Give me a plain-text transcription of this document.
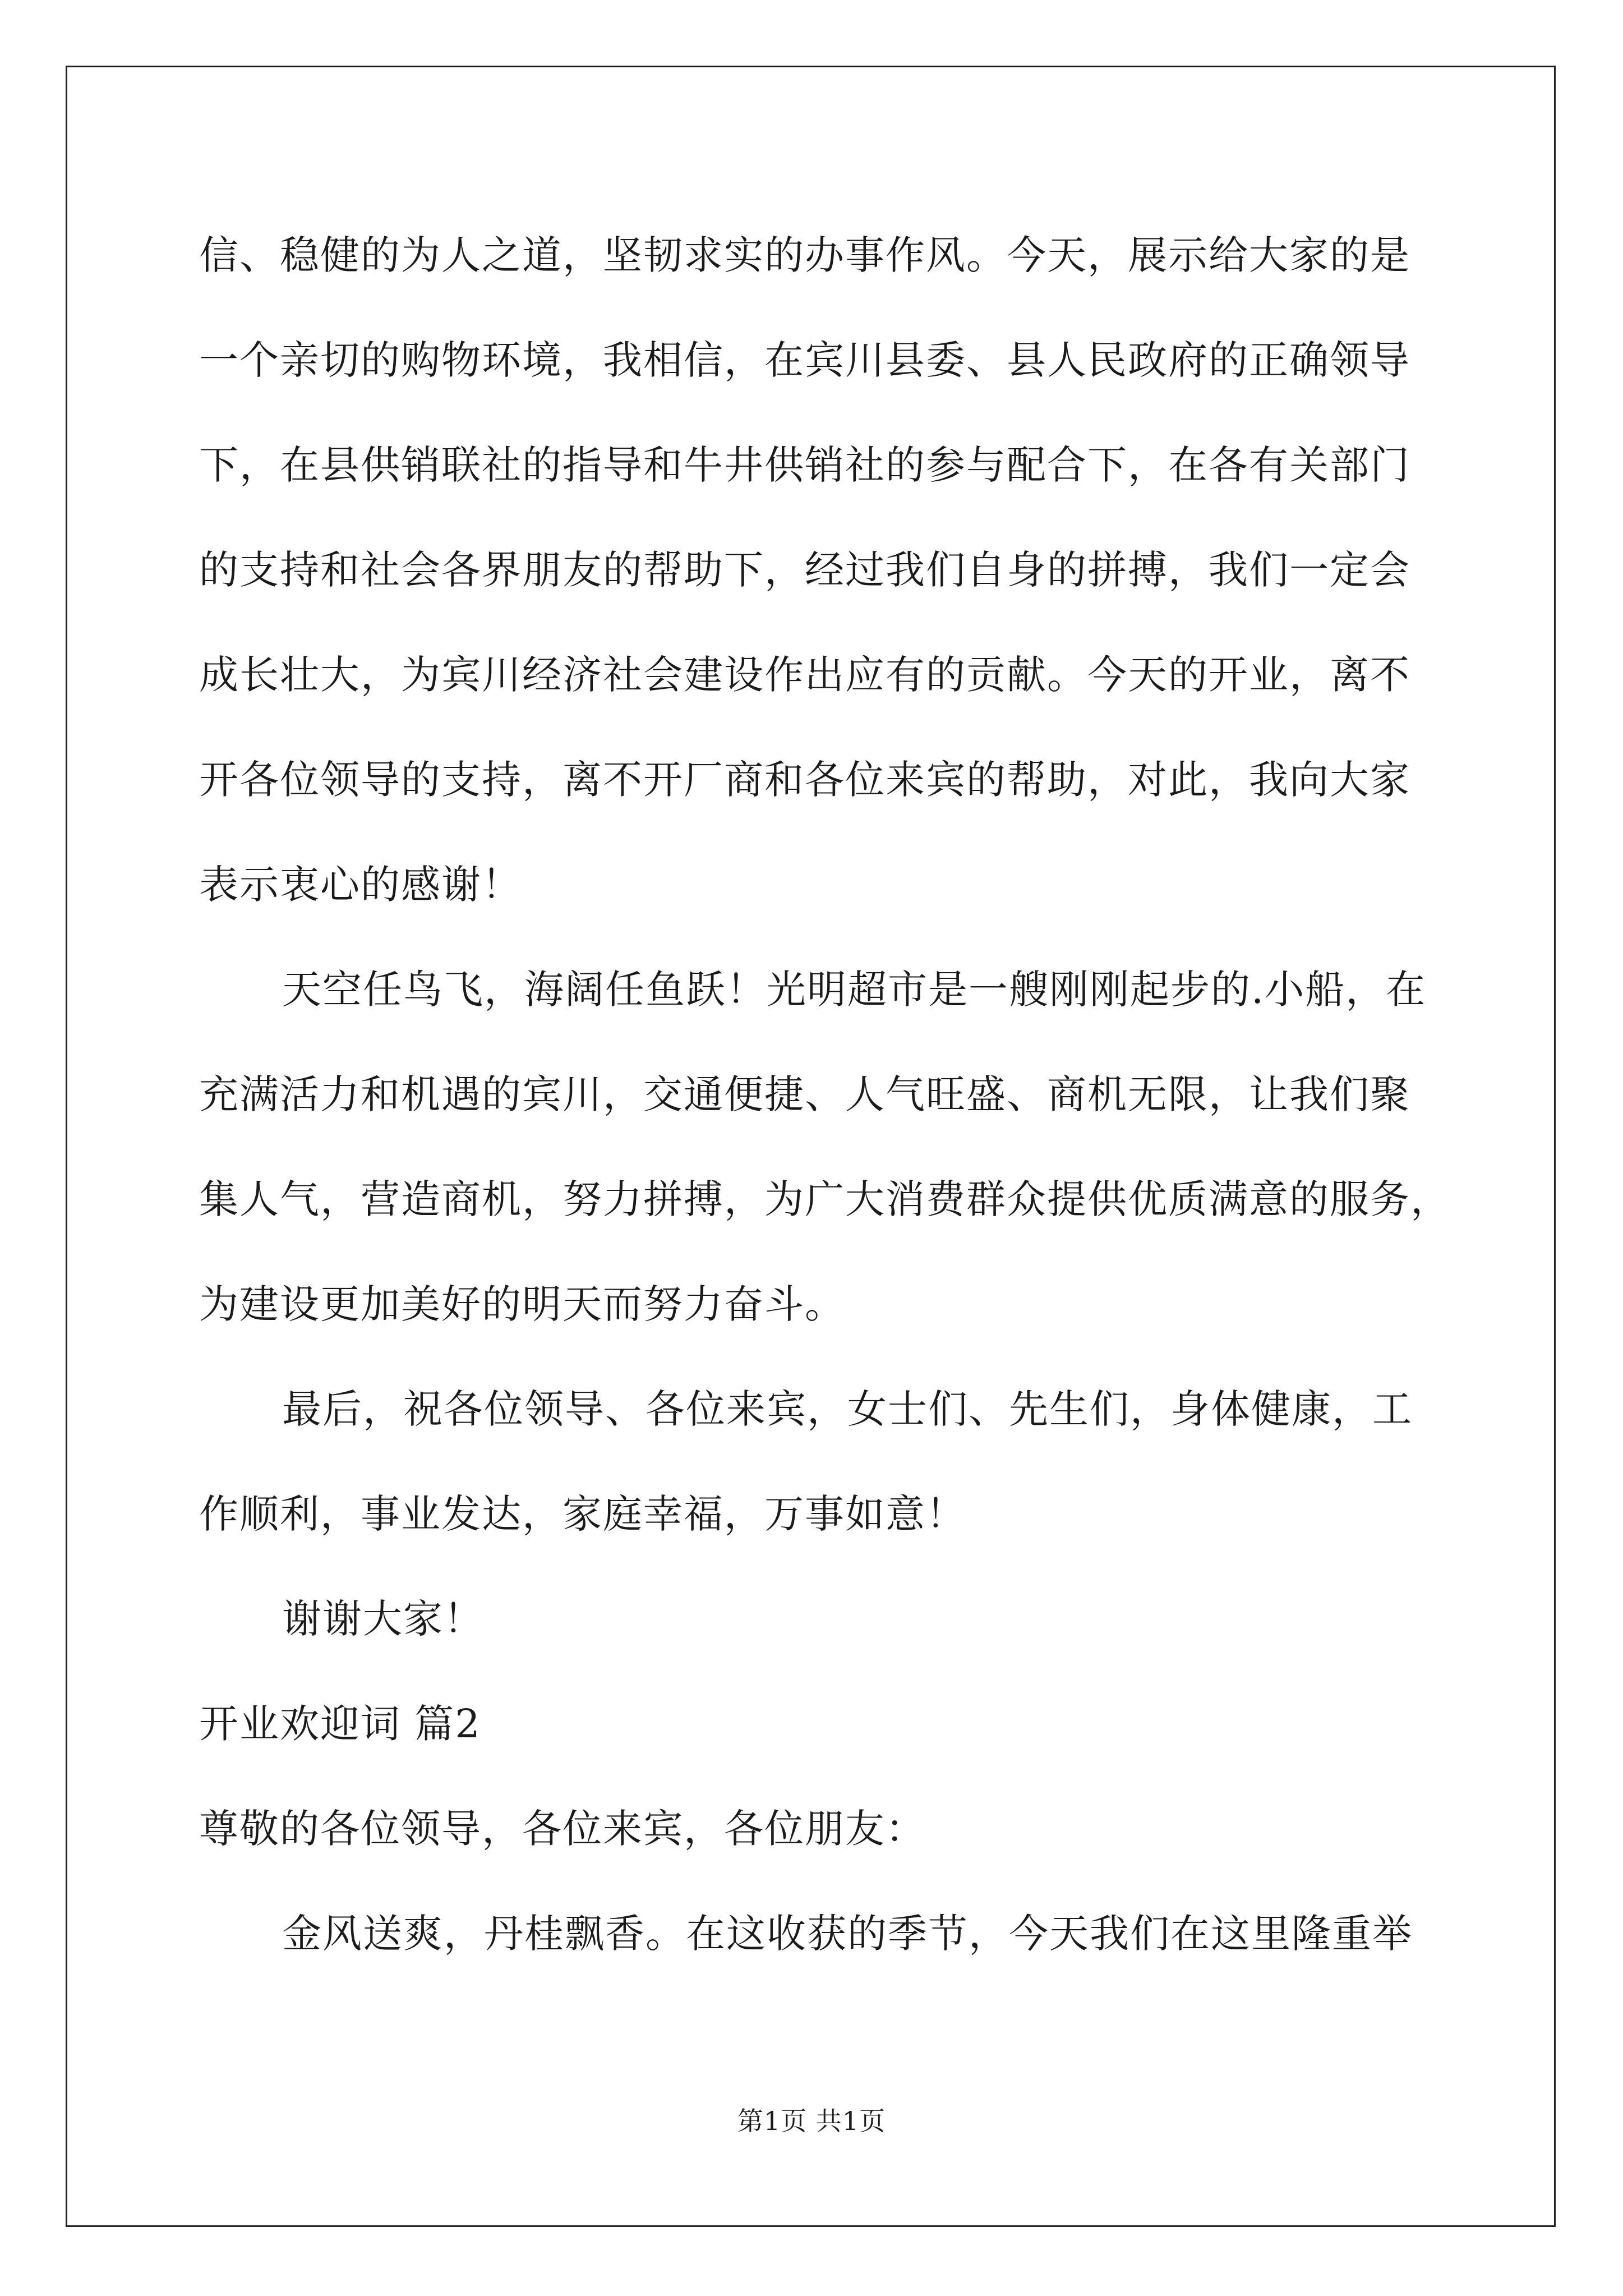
信、稳健的为人之道，坚韧求实的办事作风。今天，展示给大家的是
一个亲切的购物环境，我相信，在宾川县委、县人民政府的正确领导
下，在县供销联社的指导和牛井供销社的参与配合下，在各有关部门
的支持和社会各界朋友的帮助下，经过我们自身的拼搏，我们一定会
成长壮大，为宾川经济社会建设作出应有的贡献。今天的开业，离不
开各位领导的支持，离不开厂商和各位来宾的帮助，对此，我向大家
表示衷心的感谢！
天空任鸟飞，海阔任鱼跃！光明超市是一艘刚刚起步的.小船，在
充满活力和机遇的宾川，交通便捷、人气旺盛、商机无限，让我们聚
集人气，营造商机，努力拼搏，为广大消费群众提供优质满意的服务，
为建设更加美好的明天而努力奋斗。
最后，祝各位领导、各位来宾，女士们、先生们，身体健康，工
作顺利，事业发达，家庭幸福，万事如意！
谢谢大家！
开业欢迎词 篇2
尊敬的各位领导，各位来宾，各位朋友：
金风送爽，丹桂飘香。在这收获的季节，今天我们在这里隆重举
第1页 共1页
